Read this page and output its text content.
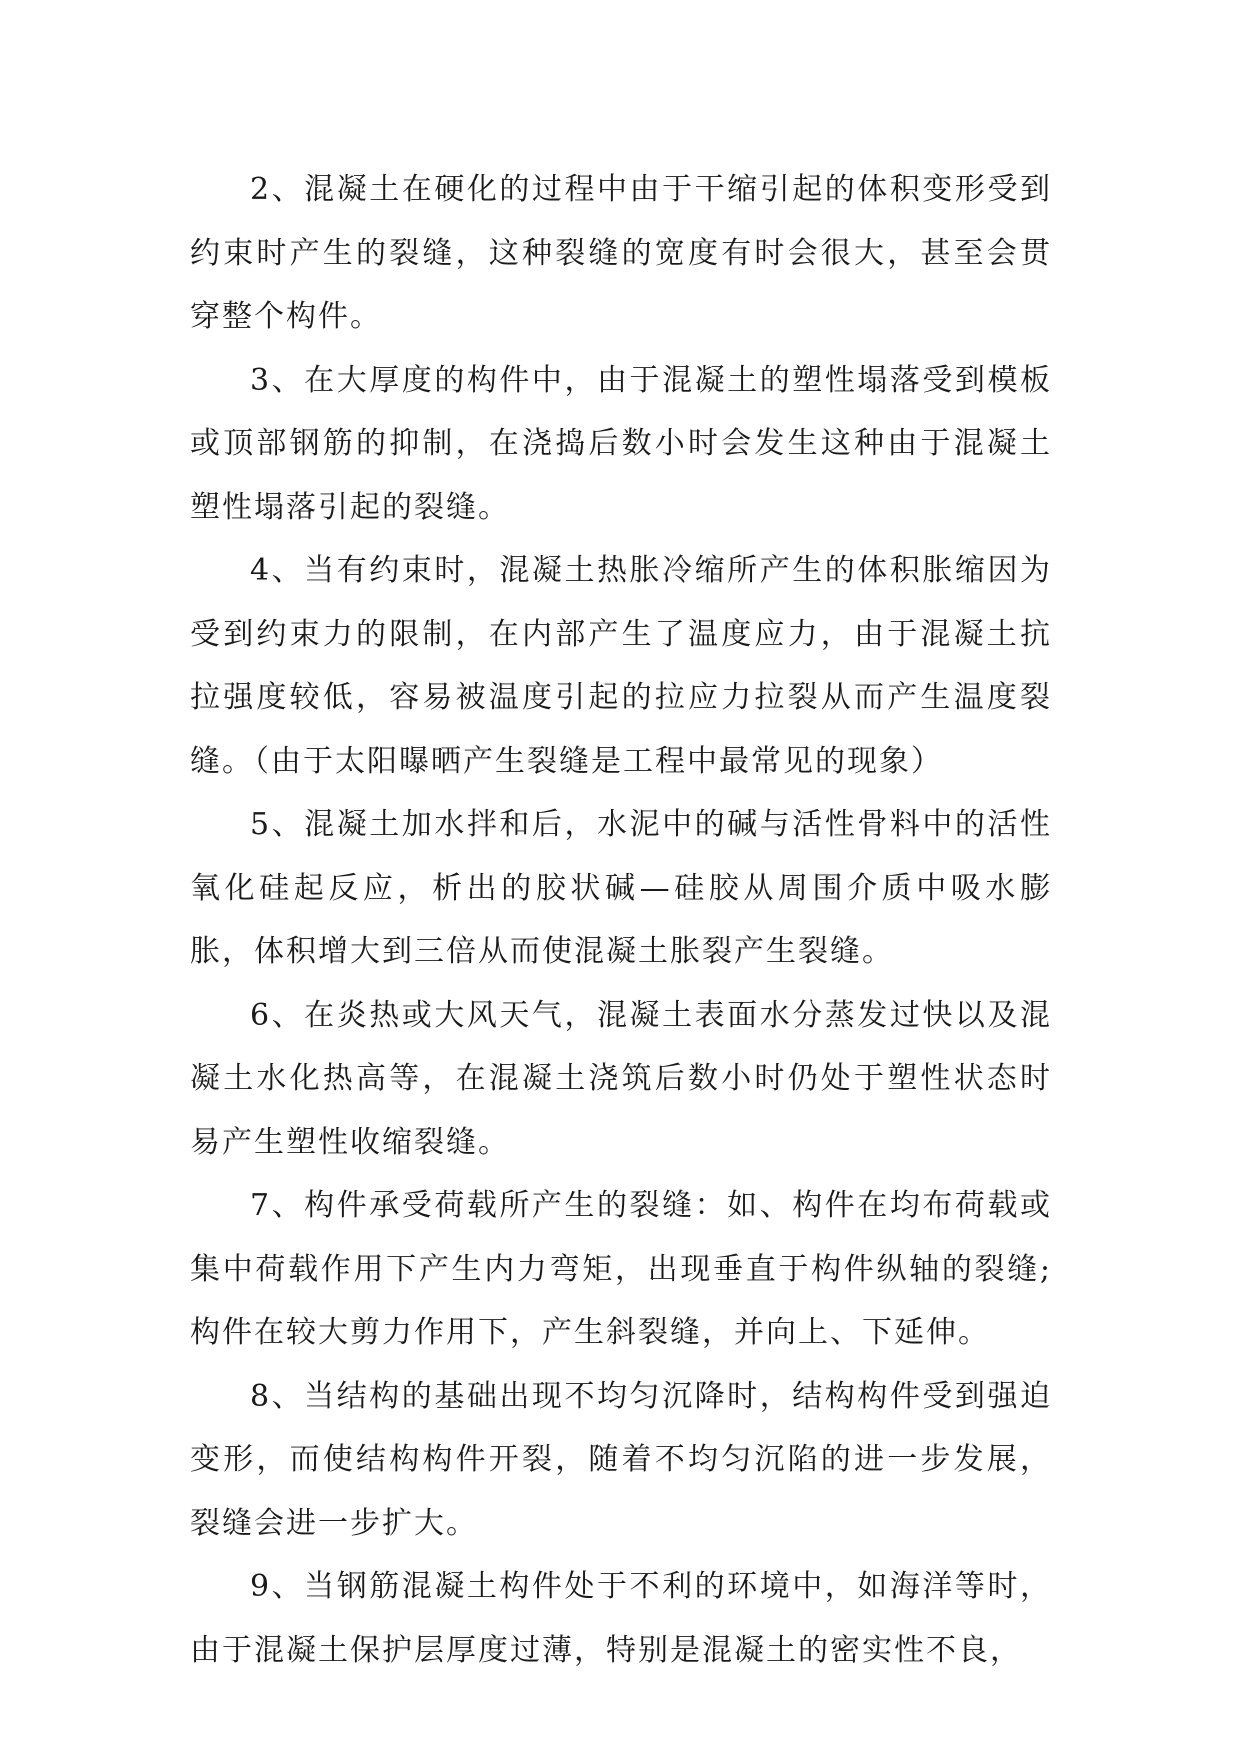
2、混凝土在硬化的过程中由于干缩引起的体积变形受到约束时产生的裂缝，这种裂缝的宽度有时会很大，甚至会贯穿整个构件。

3、在大厚度的构件中，由于混凝土的塑性塌落受到模板或顶部钢筋的抑制，在浇捣后数小时会发生这种由于混凝土塑性塌落引起的裂缝。

4、当有约束时，混凝土热胀冷缩所产生的体积胀缩因为受到约束力的限制，在内部产生了温度应力，由于混凝土抗拉强度较低，容易被温度引起的拉应力拉裂从而产生温度裂缝。（由于太阳曝晒产生裂缝是工程中最常见的现象）

5、混凝土加水拌和后，水泥中的碱与活性骨料中的活性氧化硅起反应，析出的胶状碱—硅胶从周围介质中吸水膨胀，体积增大到三倍从而使混凝土胀裂产生裂缝。

6、在炎热或大风天气，混凝土表面水分蒸发过快以及混凝土水化热高等，在混凝土浇筑后数小时仍处于塑性状态时易产生塑性收缩裂缝。

7、构件承受荷载所产生的裂缝：如、构件在均布荷载或集中荷载作用下产生内力弯矩，出现垂直于构件纵轴的裂缝;构件在较大剪力作用下，产生斜裂缝，并向上、下延伸。

8、当结构的基础出现不均匀沉降时，结构构件受到强迫变形，而使结构构件开裂，随着不均匀沉陷的进一步发展，裂缝会进一步扩大。

9、当钢筋混凝土构件处于不利的环境中，如海洋等时，由于混凝土保护层厚度过薄，特别是混凝土的密实性不良，
